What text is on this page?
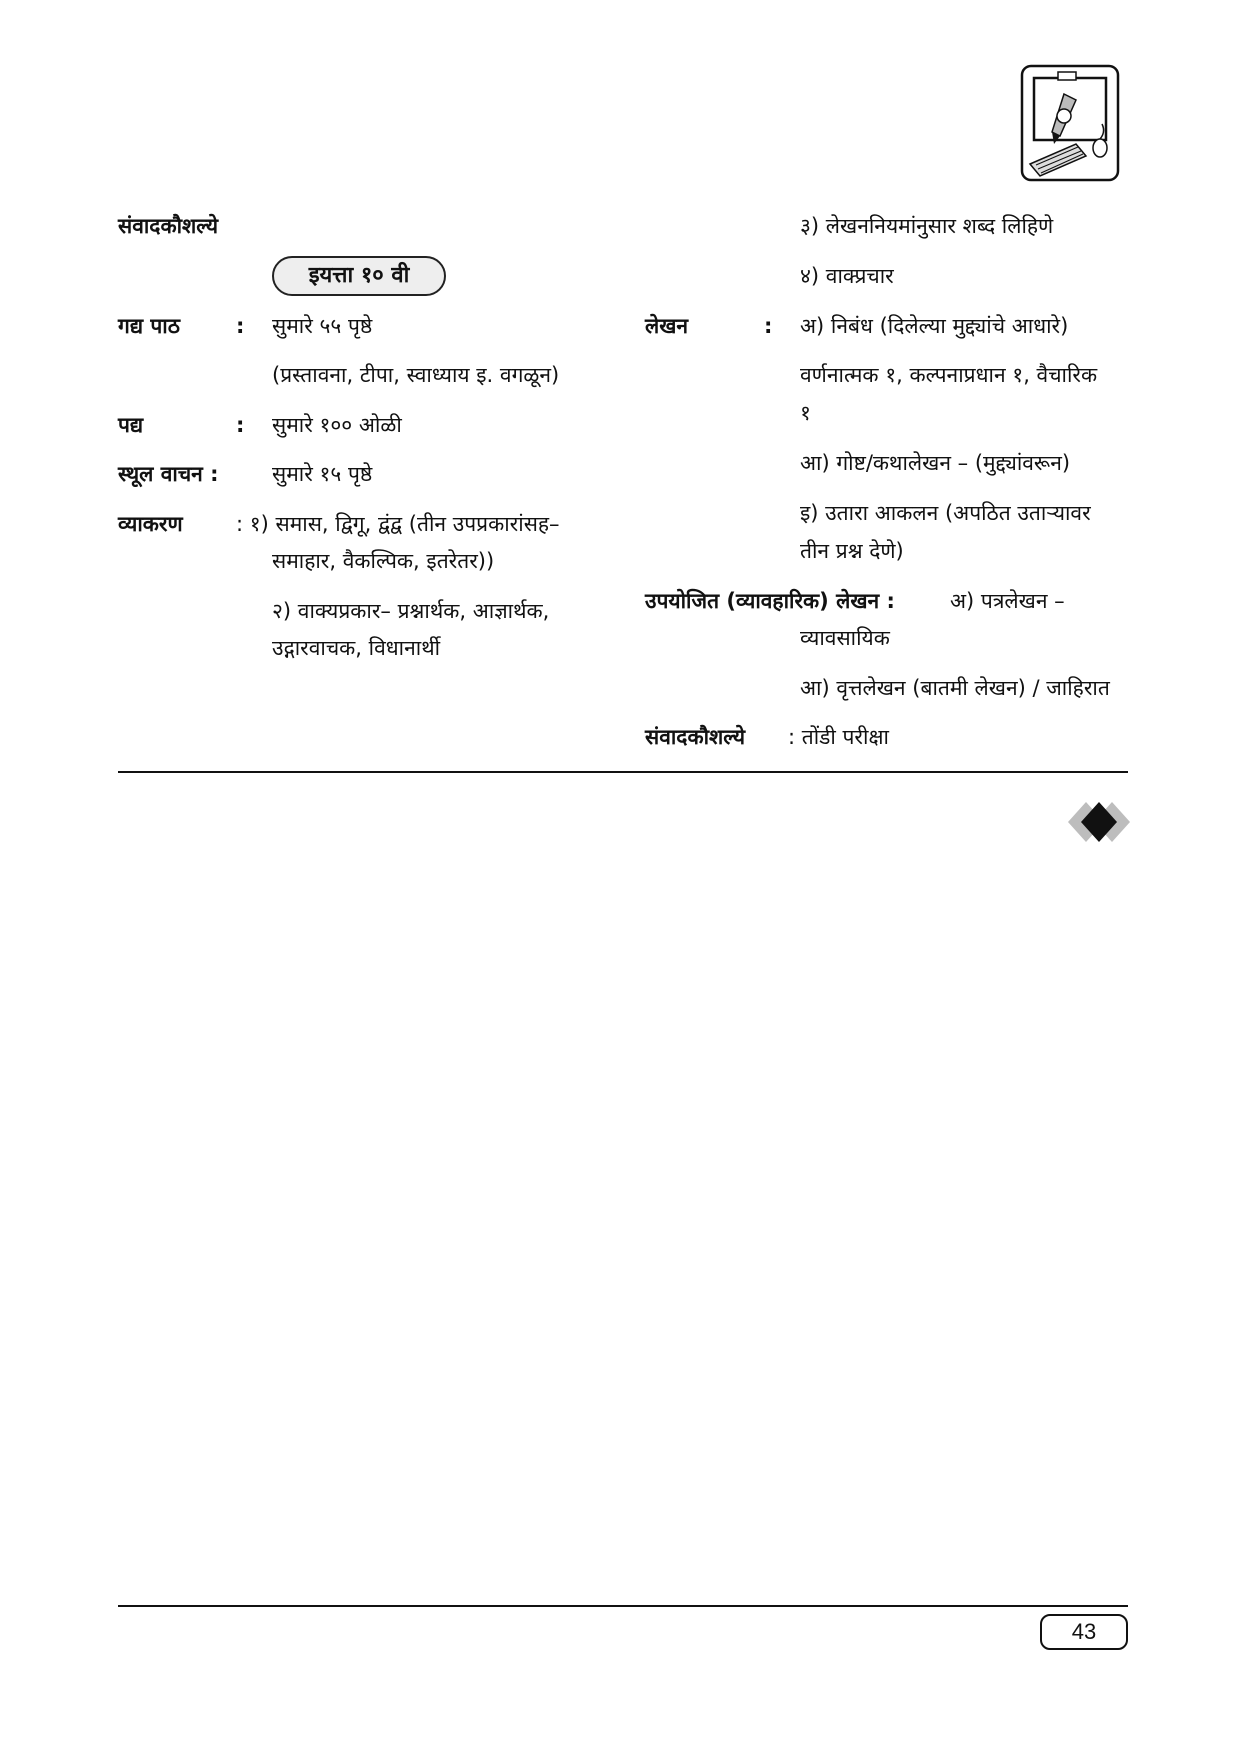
संवादकौशल्ये
इयत्ता १० वी
गद्य पाठ	: सुमारे ५५ पृष्ठे
(प्रस्तावना, टीपा, स्वाध्याय इ. वगळून)
पद्य	: सुमारे १०० ओळी
स्थूल वाचन :	सुमारे १५ पृष्ठे
व्याकरण	: १) समास, द्विगू, द्वंद्व (तीन उपप्रकारांसह–
समाहार, वैकल्पिक, इतरेतर))
२) वाक्यप्रकार– प्रश्नार्थक, आज्ञार्थक,
उद्गारवाचक, विधानार्थी
३) लेखननियमांनुसार शब्द लिहिणे
४) वाक्प्रचार
लेखन	: अ) निबंध (दिलेल्या मुद्द्यांचे आधारे)
वर्णनात्मक १, कल्पनाप्रधान १, वैचारिक
१
आ) गोष्ट/कथालेखन – (मुद्द्यांवरून)
इ) उतारा आकलन (अपठित उताऱ्यावर
तीन प्रश्न देणे)
उपयोजित (व्यावहारिक) लेखन :	अ) पत्रलेखन –
व्यावसायिक
आ) वृत्तलेखन (बातमी लेखन) / जाहिरात
संवादकौशल्ये : तोंडी परीक्षा
43
